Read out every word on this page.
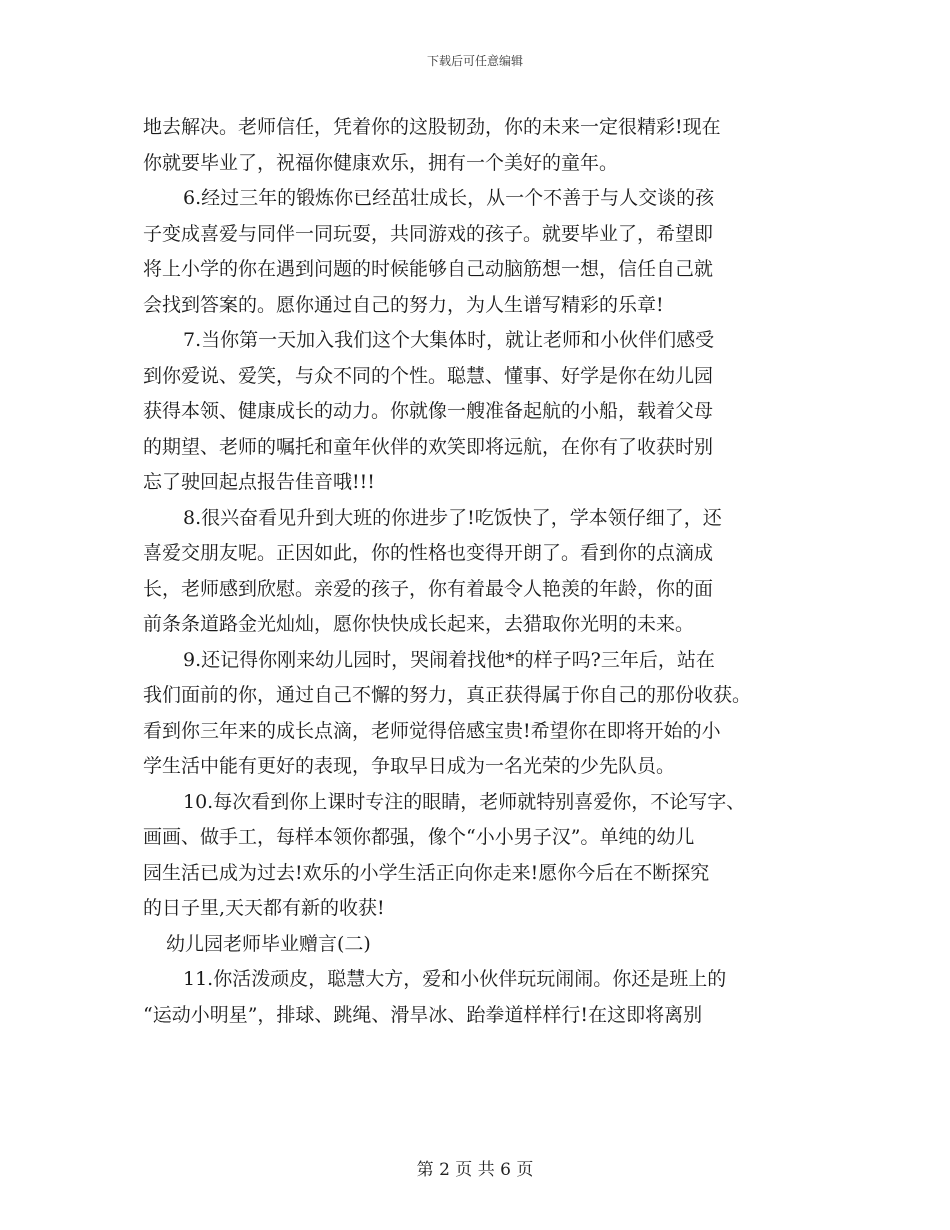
下载后可任意编辑
地去解决。老师信任，凭着你的这股韧劲，你的未来一定很精彩!现在
你就要毕业了，祝福你健康欢乐，拥有一个美好的童年。
6.经过三年的锻炼你已经茁壮成长，从一个不善于与人交谈的孩
子变成喜爱与同伴一同玩耍，共同游戏的孩子。就要毕业了，希望即
将上小学的你在遇到问题的时候能够自己动脑筋想一想，信任自己就
会找到答案的。愿你通过自己的努力，为人生谱写精彩的乐章!
7.当你第一天加入我们这个大集体时，就让老师和小伙伴们感受
到你爱说、爱笑，与众不同的个性。聪慧、懂事、好学是你在幼儿园
获得本领、健康成长的动力。你就像一艘准备起航的小船，载着父母
的期望、老师的嘱托和童年伙伴的欢笑即将远航，在你有了收获时别
忘了驶回起点报告佳音哦!!!
8.很兴奋看见升到大班的你进步了!吃饭快了，学本领仔细了，还
喜爱交朋友呢。正因如此，你的性格也变得开朗了。看到你的点滴成
长，老师感到欣慰。亲爱的孩子，你有着最令人艳羡的年龄，你的面
前条条道路金光灿灿，愿你快快成长起来，去猎取你光明的未来。
9.还记得你刚来幼儿园时，哭闹着找他*的样子吗?三年后，站在
我们面前的你，通过自己不懈的努力，真正获得属于你自己的那份收获。
看到你三年来的成长点滴，老师觉得倍感宝贵!希望你在即将开始的小
学生活中能有更好的表现，争取早日成为一名光荣的少先队员。
10.每次看到你上课时专注的眼睛，老师就特别喜爱你，不论写字、
画画、做手工，每样本领你都强，像个“小小男子汉”。单纯的幼儿
园生活已成为过去!欢乐的小学生活正向你走来!愿你今后在不断探究
的日子里,天天都有新的收获!
幼儿园老师毕业赠言(二)
11.你活泼顽皮，聪慧大方，爱和小伙伴玩玩闹闹。你还是班上的
“运动小明星”，排球、跳绳、滑旱冰、跆拳道样样行!在这即将离别
第 2 页 共 6 页
